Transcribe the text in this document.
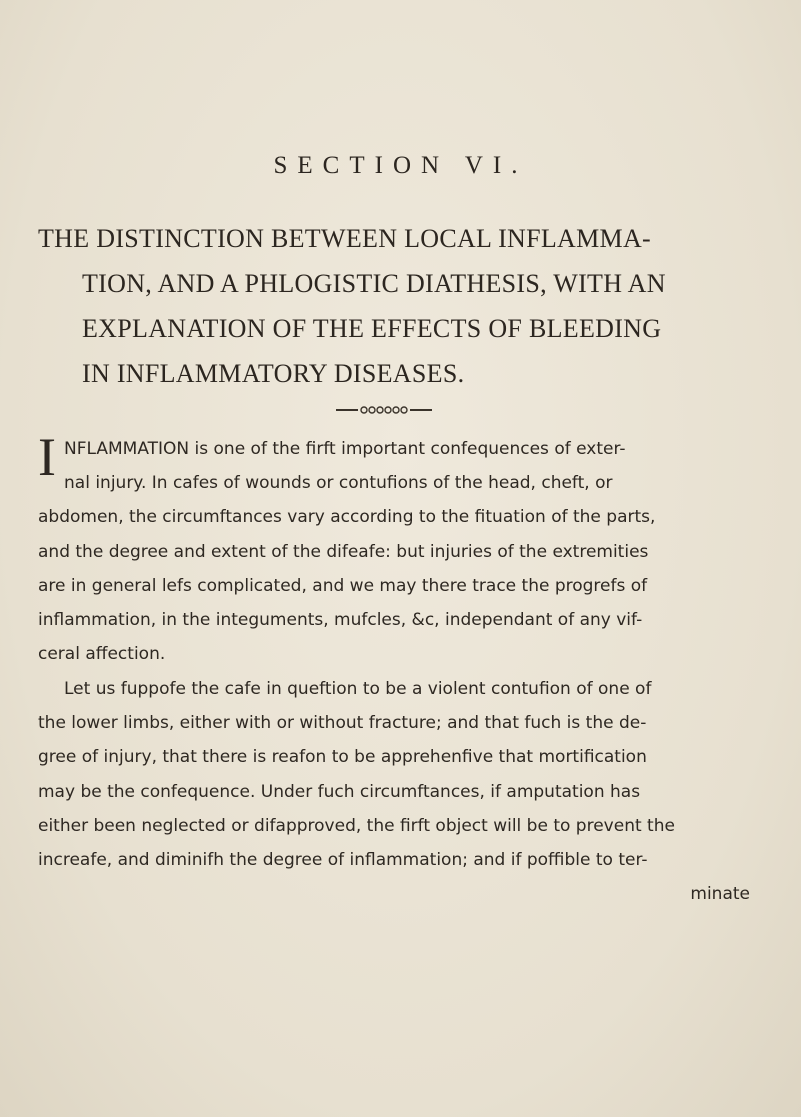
SECTION VI.
THE DISTINCTION BETWEEN LOCAL INFLAMMA-
TION, AND A PHLOGISTIC DIATHESIS, WITH AN
EXPLANATION OF THE EFFECTS OF BLEEDING
IN INFLAMMATORY DISEASES.
I NFLAMMATION is one of the firft important confequences of exter-
nal injury. In cafes of wounds or contufions of the head, cheft, or
abdomen, the circumftances vary according to the fituation of the parts,
and the degree and extent of the difeafe: but injuries of the extremities
are in general lefs complicated, and we may there trace the progrefs of
inflammation, in the integuments, mufcles, &c, independant of any vif-
ceral affection.
Let us fuppofe the cafe in queftion to be a violent contufion of one of
the lower limbs, either with or without fracture; and that fuch is the de-
gree of injury, that there is reafon to be apprehenfive that mortification
may be the confequence. Under fuch circumftances, if amputation has
either been neglected or difapproved, the firft object will be to prevent the
increafe, and diminifh the degree of inflammation; and if poffible to ter-
minate
